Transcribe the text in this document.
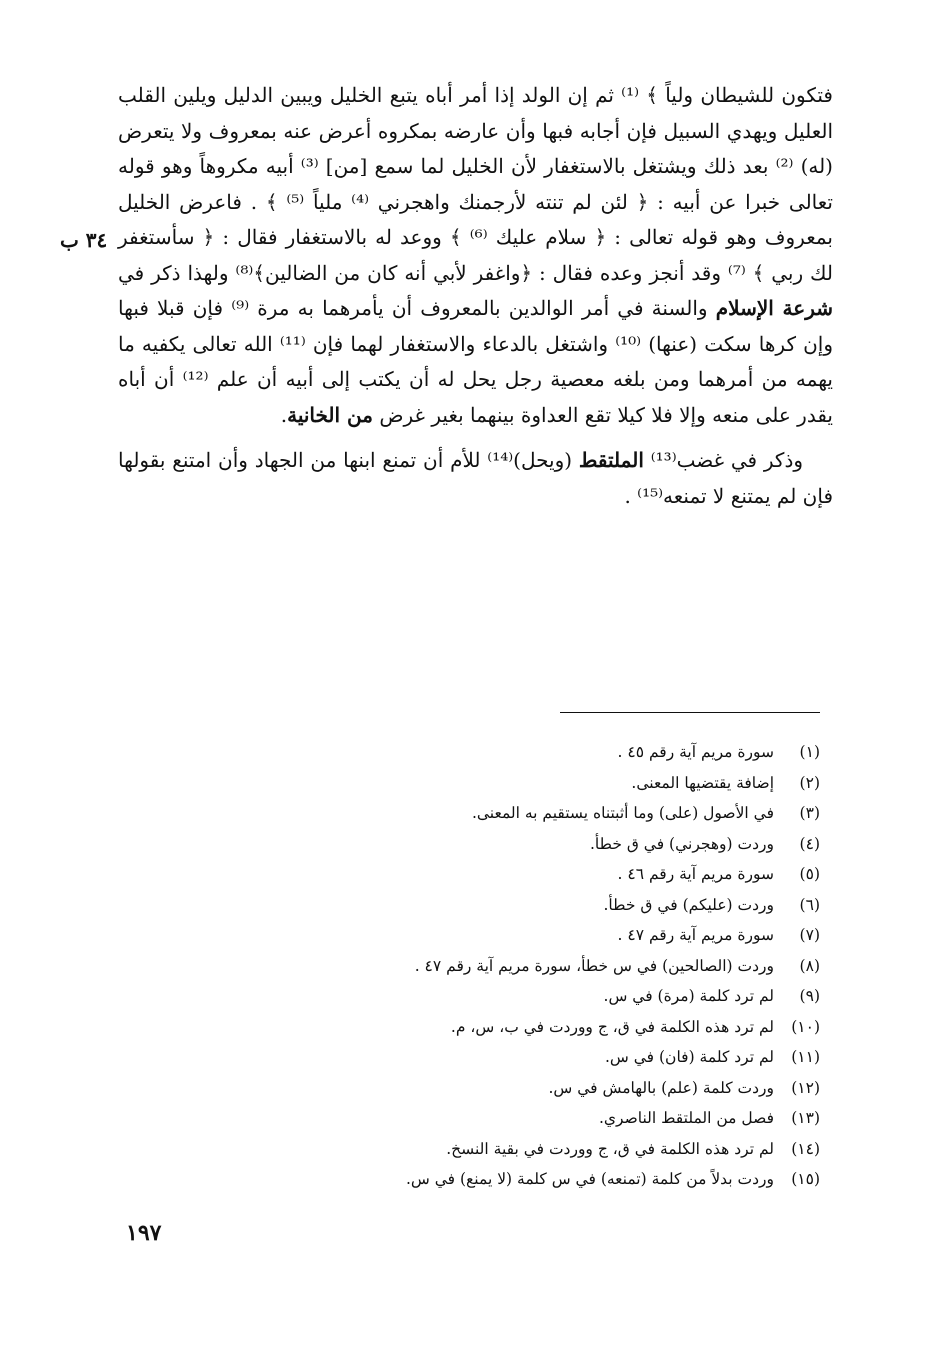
٣٤ ب

فتكون للشيطان ولياً ﴾ ⁽¹⁾ ثم إن الولد إذا أمر أباه يتبع الخليل ويبين الدليل ويلين القلب العليل ويهدي السبيل فإن أجابه فبها وأن عارضه بمكروه أعرض عنه بمعروف ولا يتعرض (له) ⁽²⁾ بعد ذلك ويشتغل بالاستغفار لأن الخليل لما سمع [من] ⁽³⁾ أبيه مكروهاً وهو قوله تعالى خبرا عن أبيه : ﴿ لئن لم تنته لأرجمنك واهجرني ⁽⁴⁾ ملياً ⁽⁵⁾ ﴾ . فاعرض الخليل بمعروف وهو قوله تعالى : ﴿ سلام عليك ⁽⁶⁾ ﴾ ووعد له بالاستغفار فقال : ﴿ سأستغفر لك ربي ﴾ ⁽⁷⁾ وقد أنجز وعده فقال : ﴿واغفر لأبي أنه كان من الضالين﴾⁽⁸⁾ ولهذا ذكر في شرعة الإسلام والسنة في أمر الوالدين بالمعروف أن يأمرهما به مرة ⁽⁹⁾ فإن قبلا فبها وإن كرها سكت (عنها) ⁽¹⁰⁾ واشتغل بالدعاء والاستغفار لهما فإن ⁽¹¹⁾ الله تعالى يكفيه ما يهمه من أمرهما ومن بلغه معصية رجل يحل له أن يكتب إلى أبيه أن علم ⁽¹²⁾ أن أباه يقدر على منعه وإلا فلا كيلا تقع العداوة بينهما بغير غرض من الخانية.

وذكر في غضب⁽¹³⁾ الملتقط (ويحل)⁽¹⁴⁾ للأم أن تمنع ابنها من الجهاد وأن امتنع بقولها فإن لم يمتنع لا تمنعه⁽¹⁵⁾ .

(١)
سورة مريم آية رقم ٤٥ .
(٢)
إضافة يقتضيها المعنى.
(٣)
في الأصول (على) وما أثبتناه يستقيم به المعنى.
(٤)
وردت (وهجرني) في ق خطأ.
(٥)
سورة مريم آية رقم ٤٦ .
(٦)
وردت (عليكم) في ق خطأ.
(٧)
سورة مريم آية رقم ٤٧ .
(٨)
وردت (الصالحين) في س خطأ، سورة مريم آية رقم ٤٧ .
(٩)
لم ترد كلمة (مرة) في س.
(١٠)
لم ترد هذه الكلمة في ق، ج ووردت في ب، س، م.
(١١)
لم ترد كلمة (فان) في س.
(١٢)
وردت كلمة (علم) بالهامش في س.
(١٣)
فصل من الملتقط الناصري.
(١٤)
لم ترد هذه الكلمة في ق، ج ووردت في بقية النسخ.
(١٥)
وردت بدلاً من كلمة (تمنعه) في س كلمة (لا يمنع) في س.
١٩٧
